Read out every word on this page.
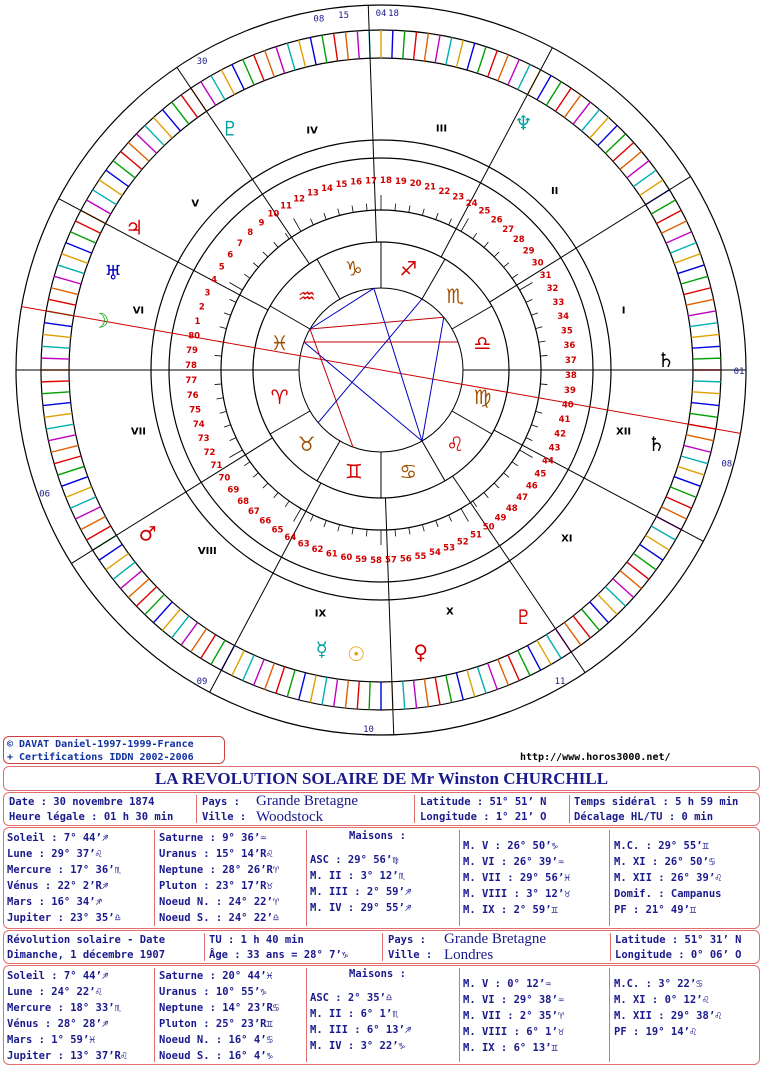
♈
♉
♊ ♋
♌
♍
♎
♏
♐
♑
♒
♓
I
II
III
IV
V
VI
VII
VIII
IX	X
XI
XII
04
15	18
08
30
01
08
11
10
09
06
♇	♆
♃
♄
♄
♀
♂
♅
☿
☽
☉
♇
1
2
3
4
5
6
7
8
9
10
11
12
13 14 15 16 17 18 19 20 21 22
23
24
25
26
27
28
29
30
31
32
33
34
35
36
37
38
39
40
41
42
43
44
45
46
47
48
49
50
51
52
53
54
55
56
57
58
59
60
61
62
63
64
65
66
67
68
69
70
71
72
73
74
75
76
77
78
79
80
© DAVAT Daniel-1997-1999-France
+ Certifications IDDN 2002-2006	http://www.horos3000.net/
LA REVOLUTION SOLAIRE DE Mr Winston CHURCHILL
Date : 30 novembre 1874
Heure légale : 01 h 30 min
Pays : Grande Bretagne
Ville : Woodstock
Latitude : 51° 51’ N
Longitude : 1° 21’ O
Temps sidéral : 5 h 59 min
Décalage HL/TU : 0 min
Soleil : 7° 44’♐
Lune : 29° 37’♌
Mercure : 17° 36’♏
Vénus : 22° 2’R♐
Mars : 16° 34’♐
Jupiter : 23° 35’♎
Saturne : 9° 36’♒
Uranus : 15° 14’R♌
Neptune : 28° 26’R♈
Pluton : 23° 17’R♉
Noeud N. : 24° 22’♈
Noeud S. : 24° 22’♎
Maisons :
ASC : 29° 56’♍
M. II : 3° 12’♏
M. III : 2° 59’♐
M. IV : 29° 55’♐
M. V : 26° 50’♑
M. VI : 26° 39’♒
M. VII : 29° 56’♓
M. VIII : 3° 12’♉
M. IX : 2° 59’♊
M.C. : 29° 55’♊
M. XI : 26° 50’♋
M. XII : 26° 39’♌
Domif. : Campanus
PF : 21° 49’♊
Révolution solaire - Date
Dimanche, 1 décembre 1907
TU : 1 h 40 min
Âge : 33 ans = 28° 7’♑
Pays : Grande Bretagne
Ville : Londres
Latitude : 51° 31’ N
Longitude : 0° 06’ O
Soleil : 7° 44’♐
Lune : 24° 22’♌
Mercure : 18° 33’♏
Vénus : 28° 28’♐
Mars : 1° 59’♓
Jupiter : 13° 37’R♌
Saturne : 20° 44’♓
Uranus : 10° 55’♑
Neptune : 14° 23’R♋
Pluton : 25° 23’R♊
Noeud N. : 16° 4’♋
Noeud S. : 16° 4’♑
Maisons :
ASC : 2° 35’♎
M. II : 6° 1’♏
M. III : 6° 13’♐
M. IV : 3° 22’♑
M. V : 0° 12’♒
M. VI : 29° 38’♒
M. VII : 2° 35’♈
M. VIII : 6° 1’♉
M. IX : 6° 13’♊
M.C. : 3° 22’♋
M. XI : 0° 12’♌
M. XII : 29° 38’♌
PF : 19° 14’♌
